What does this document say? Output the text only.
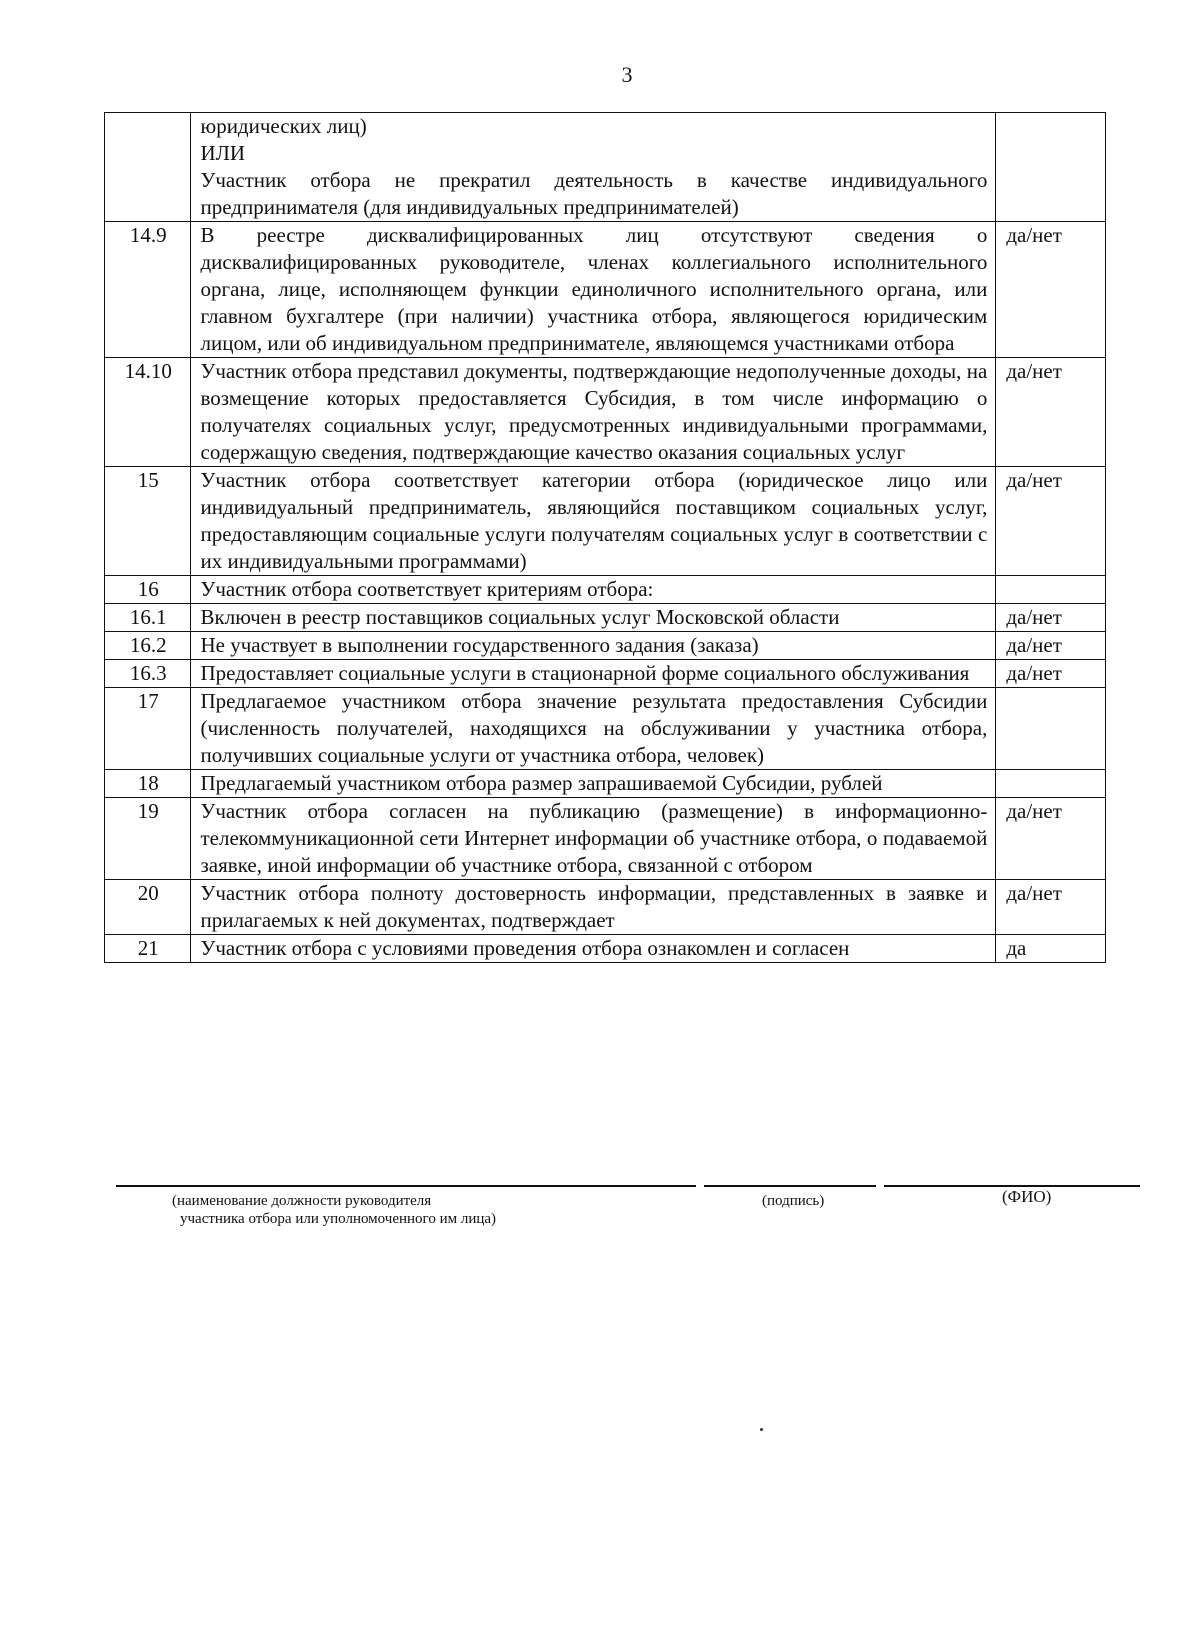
3

	юридических лиц)
ИЛИ
Участник отбора не прекратил деятельность в качестве индивидуального предпринимателя (для индивидуальных предпринимателей)	

14.9	В реестре дисквалифицированных лиц отсутствуют сведения о дисквалифицированных руководителе, членах коллегиального исполнительного органа, лице, исполняющем функции единоличного исполнительного органа, или главном бухгалтере (при наличии) участника отбора, являющегося юридическим лицом, или об индивидуальном предпринимателе, являющемся участниками отбора	да/нет
14.10	Участник отбора представил документы, подтверждающие недополученные доходы, на возмещение которых предоставляется Субсидия, в том числе информацию о получателях социальных услуг, предусмотренных индивидуальными программами, содержащую сведения, подтверждающие качество оказания социальных услуг	да/нет
15	Участник отбора соответствует категории отбора (юридическое лицо или индивидуальный предприниматель, являющийся поставщиком социальных услуг, предоставляющим социальные услуги получателям социальных услуг в соответствии с их индивидуальными программами)	да/нет
16	Участник отбора соответствует критериям отбора:	

16.1	Включен в реестр поставщиков социальных услуг Московской области	да/нет
16.2	Не участвует в выполнении государственного задания (заказа)	да/нет
16.3	Предоставляет социальные услуги в стационарной форме социального обслуживания	да/нет
17	Предлагаемое участником отбора значение результата предоставления Субсидии (численность получателей, находящихся на обслуживании у участника отбора, получивших социальные услуги от участника отбора, человек)	

18	Предлагаемый участником отбора размер запрашиваемой Субсидии, рублей	

19	Участник отбора согласен на публикацию (размещение) в информационно-телекоммуникационной сети Интернет информации об участнике отбора, о подаваемой заявке, иной информации об участнике отбора, связанной с отбором	да/нет
20	Участник отбора полноту достоверность информации, представленных в заявке и прилагаемых к ней документах, подтверждает	да/нет
21	Участник отбора с условиями проведения отбора ознакомлен и согласен	да
(наименование должности руководителя
участника отбора или уполномоченного им лица)
(подпись)	(ФИО)
